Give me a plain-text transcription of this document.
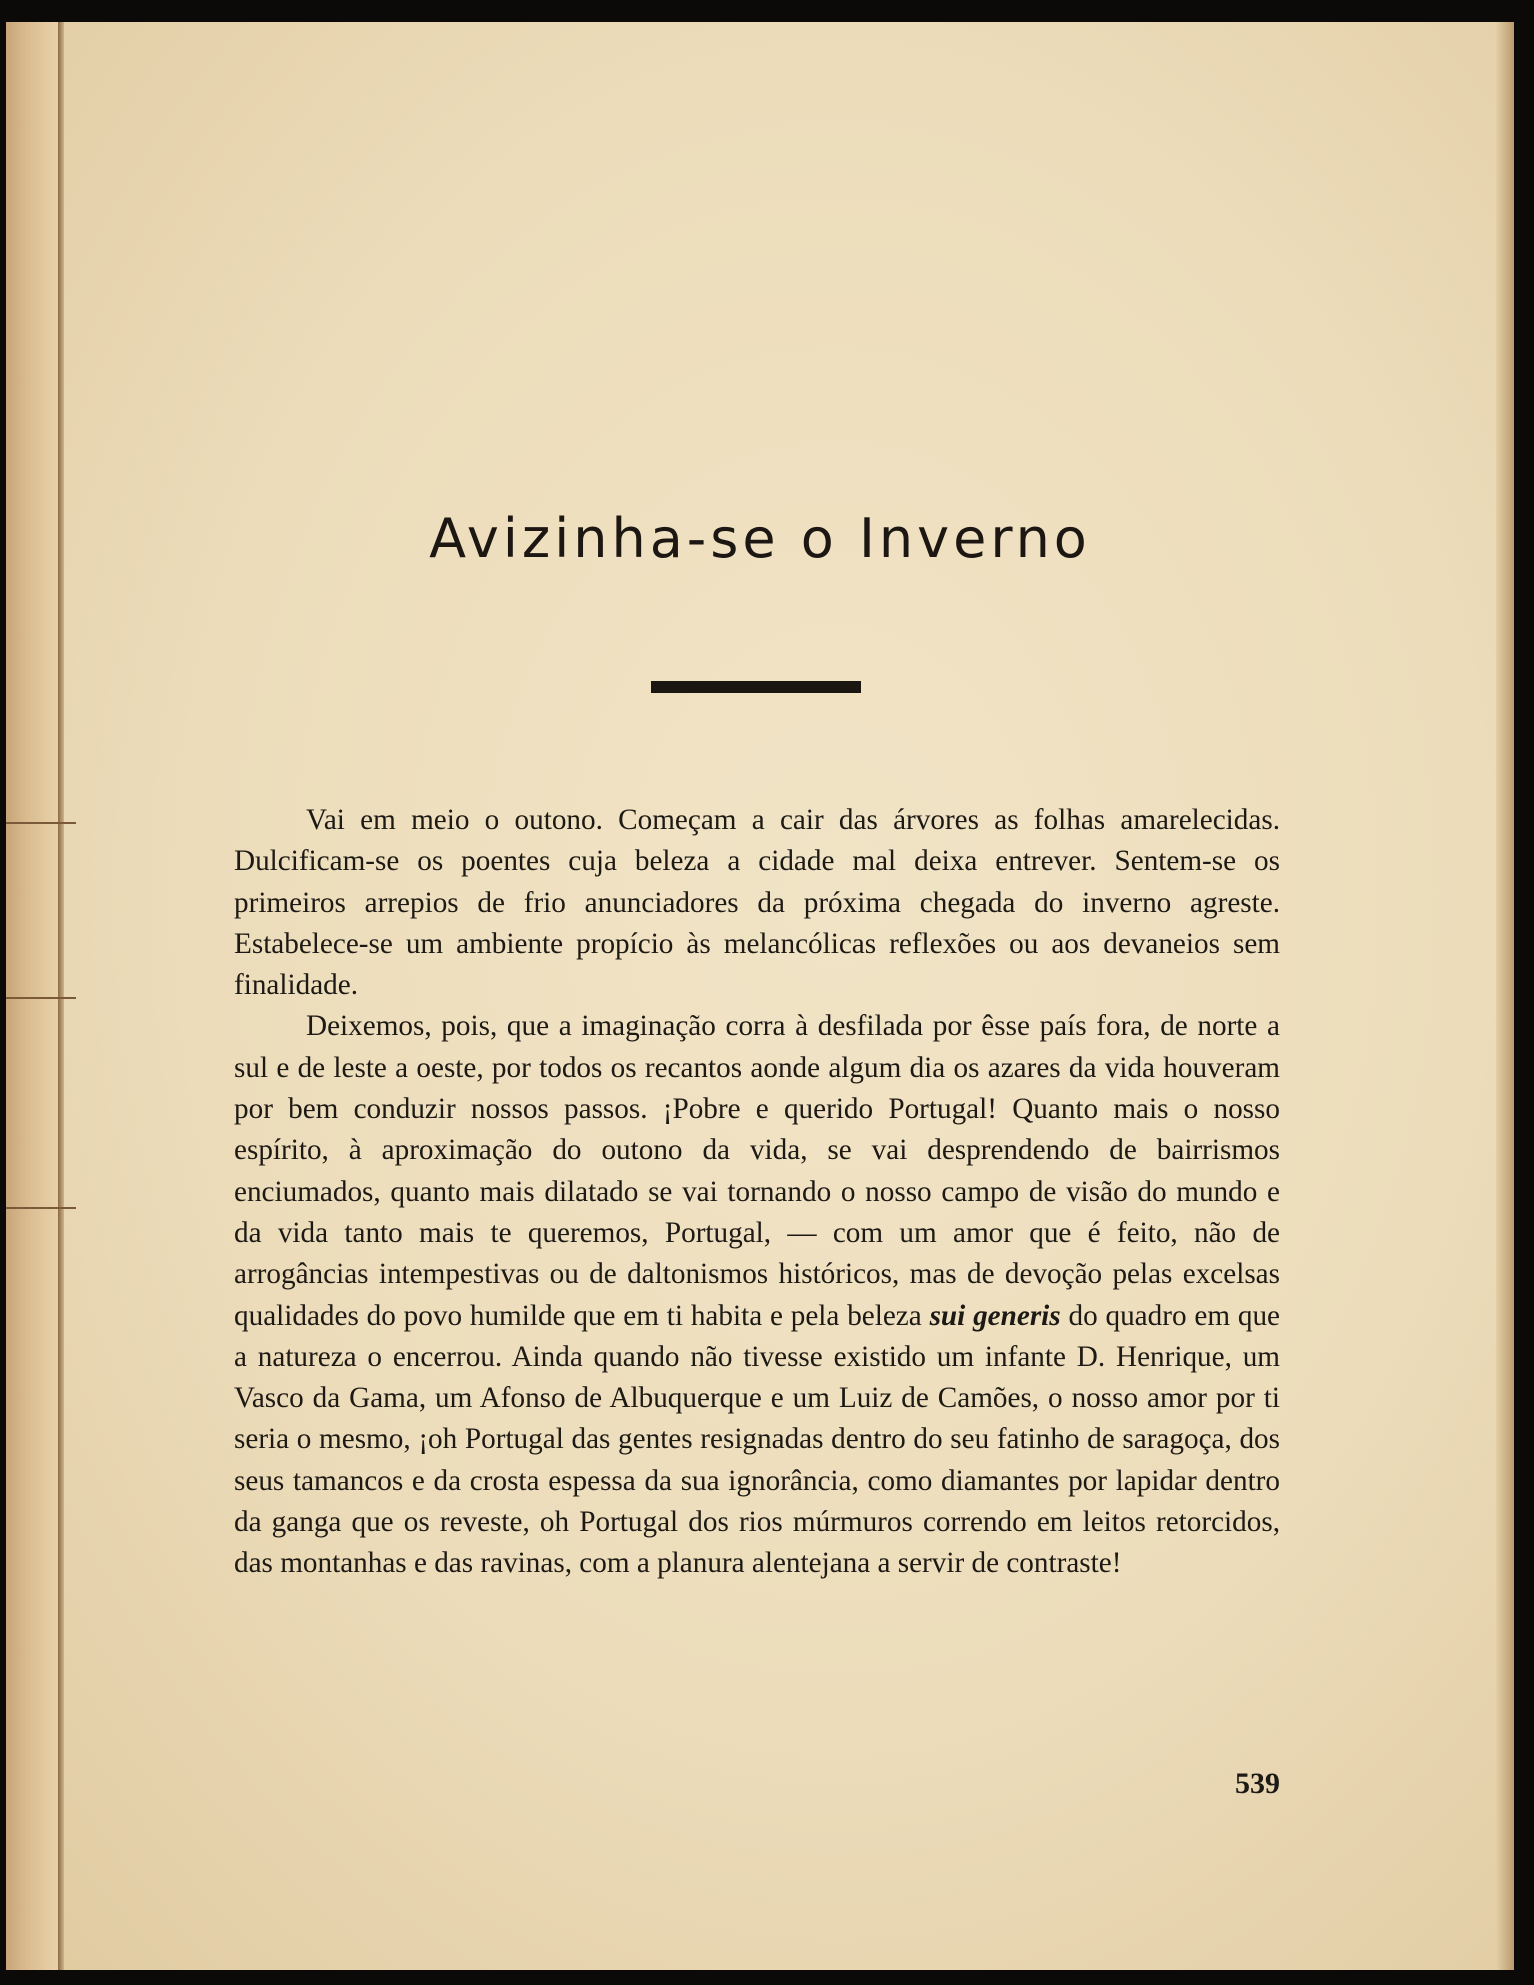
Avizinha-se o Inverno

Vai em meio o outono. Começam a cair das árvores as folhas amarelecidas. Dulcificam-se os poentes cuja beleza a cidade mal deixa entrever. Sentem-se os primeiros arrepios de frio anunciadores da próxima chegada do inverno agreste. Estabelece-se um ambiente propício às melancólicas reflexões ou aos devaneios sem finalidade.

Deixemos, pois, que a imaginação corra à desfilada por êsse país fora, de norte a sul e de leste a oeste, por todos os recantos aonde algum dia os azares da vida houveram por bem conduzir nossos passos. ¡Pobre e querido Portugal! Quanto mais o nosso espírito, à aproximação do outono da vida, se vai desprendendo de bairrismos enciumados, quanto mais dilatado se vai tornando o nosso campo de visão do mundo e da vida tanto mais te queremos, Portugal, — com um amor que é feito, não de arrogâncias intempestivas ou de daltonismos históricos, mas de devoção pelas excelsas qualidades do povo humilde que em ti habita e pela beleza sui generis do quadro em que a natureza o encerrou. Ainda quando não tivesse existido um infante D. Henrique, um Vasco da Gama, um Afonso de Albuquerque e um Luiz de Camões, o nosso amor por ti seria o mesmo, ¡oh Portugal das gentes resignadas dentro do seu fatinho de saragoça, dos seus tamancos e da crosta espessa da sua ignorância, como diamantes por lapidar dentro da ganga que os reveste, oh Portugal dos rios múrmuros correndo em leitos retorcidos, das montanhas e das ravinas, com a planura alentejana a servir de contraste!

539
